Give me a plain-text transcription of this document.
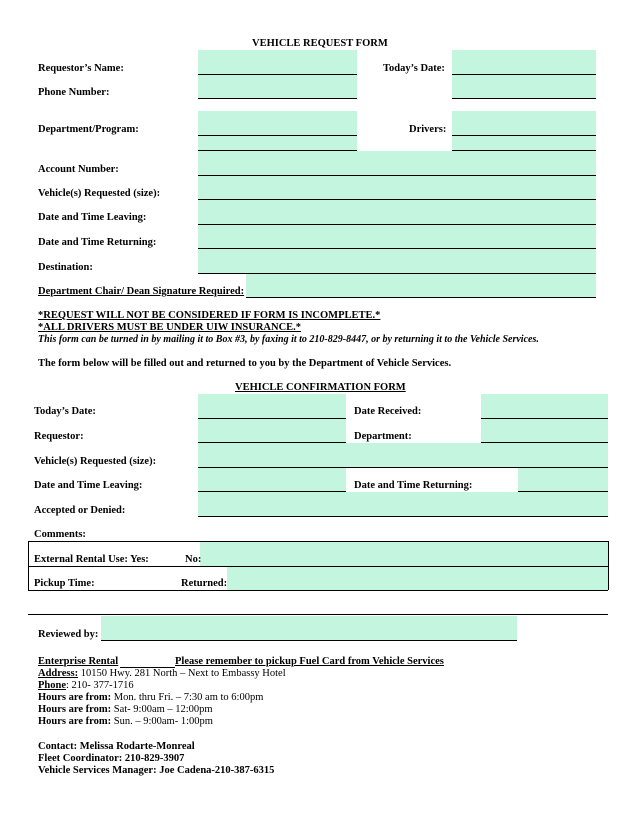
VEHICLE REQUEST FORM
Requestor’s Name:	Today’s Date:
Phone Number:
Department/Program:	Drivers:
Account Number:
Vehicle(s) Requested (size):
Date and Time Leaving:
Date and Time Returning:
Destination:
Department Chair/ Dean Signature Required:
*REQUEST WILL NOT BE CONSIDERED IF FORM IS INCOMPLETE.*
*ALL DRIVERS MUST BE UNDER UIW INSURANCE.*
This form can be turned in by mailing it to Box #3, by faxing it to 210-829-8447, or by returning it to the Vehicle Services.
The form below will be filled out and returned to you by the Department of Vehicle Services.
VEHICLE CONFIRMATION FORM
Today’s Date:	Date Received:
Requestor:	Department:
Vehicle(s) Requested (size):
Date and Time Leaving:	Date and Time Returning:
Accepted or Denied:
Comments:
External Rental Use: Yes:	No:
Pickup Time:	Returned:
Reviewed by:
Enterprise Rental	Please remember to pickup Fuel Card from Vehicle Services
Address: 10150 Hwy. 281 North – Next to Embassy Hotel
Phone: 210- 377-1716
Hours are from: Mon. thru Fri. – 7:30 am to 6:00pm
Hours are from: Sat- 9:00am – 12:00pm
Hours are from: Sun. – 9:00am- 1:00pm
Contact: Melissa Rodarte-Monreal
Fleet Coordinator: 210-829-3907
Vehicle Services Manager: Joe Cadena-210-387-6315
